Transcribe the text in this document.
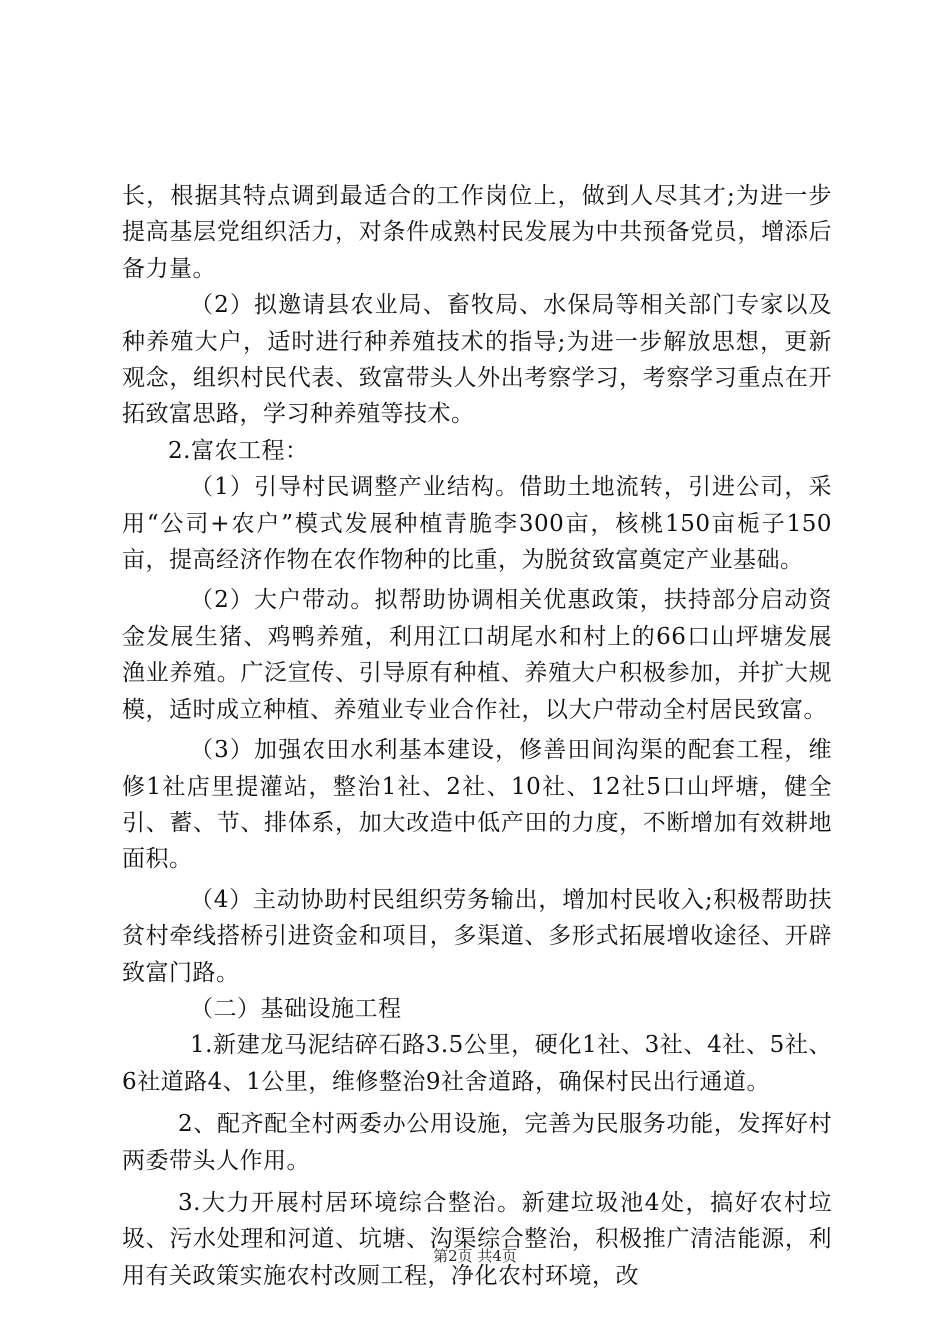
长，根据其特点调到最适合的工作岗位上，做到人尽其才;为进一步提高基层党组织活力，对条件成熟村民发展为中共预备党员，增添后备力量。

（2）拟邀请县农业局、畜牧局、水保局等相关部门专家以及种养殖大户，适时进行种养殖技术的指导;为进一步解放思想，更新观念，组织村民代表、致富带头人外出考察学习，考察学习重点在开拓致富思路，学习种养殖等技术。

2.富农工程：

（1）引导村民调整产业结构。借助土地流转，引进公司，采用“公司+农户”模式发展种植青脆李300亩，核桃150亩栀子150亩，提高经济作物在农作物种的比重，为脱贫致富奠定产业基础。

（2）大户带动。拟帮助协调相关优惠政策，扶持部分启动资金发展生猪、鸡鸭养殖，利用江口胡尾水和村上的66口山坪塘发展渔业养殖。广泛宣传、引导原有种植、养殖大户积极参加，并扩大规模，适时成立种植、养殖业专业合作社，以大户带动全村居民致富。

（3）加强农田水利基本建设，修善田间沟渠的配套工程，维修1社店里提灌站，整治1社、2社、10社、12社5口山坪塘，健全引、蓄、节、排体系，加大改造中低产田的力度，不断增加有效耕地面积。

（4）主动协助村民组织劳务输出，增加村民收入;积极帮助扶贫村牵线搭桥引进资金和项目，多渠道、多形式拓展增收途径、开辟致富门路。

（二）基础设施工程

1.新建龙马泥结碎石路3.5公里，硬化1社、3社、4社、5社、6社道路4、1公里，维修整治9社舍道路，确保村民出行通道。

2、配齐配全村两委办公用设施，完善为民服务功能，发挥好村两委带头人作用。

3.大力开展村居环境综合整治。新建垃圾池4处，搞好农村垃圾、污水处理和河道、坑塘、沟渠综合整治，积极推广清洁能源，利用有关政策实施农村改厕工程，净化农村环境，改

第2页 共4页
